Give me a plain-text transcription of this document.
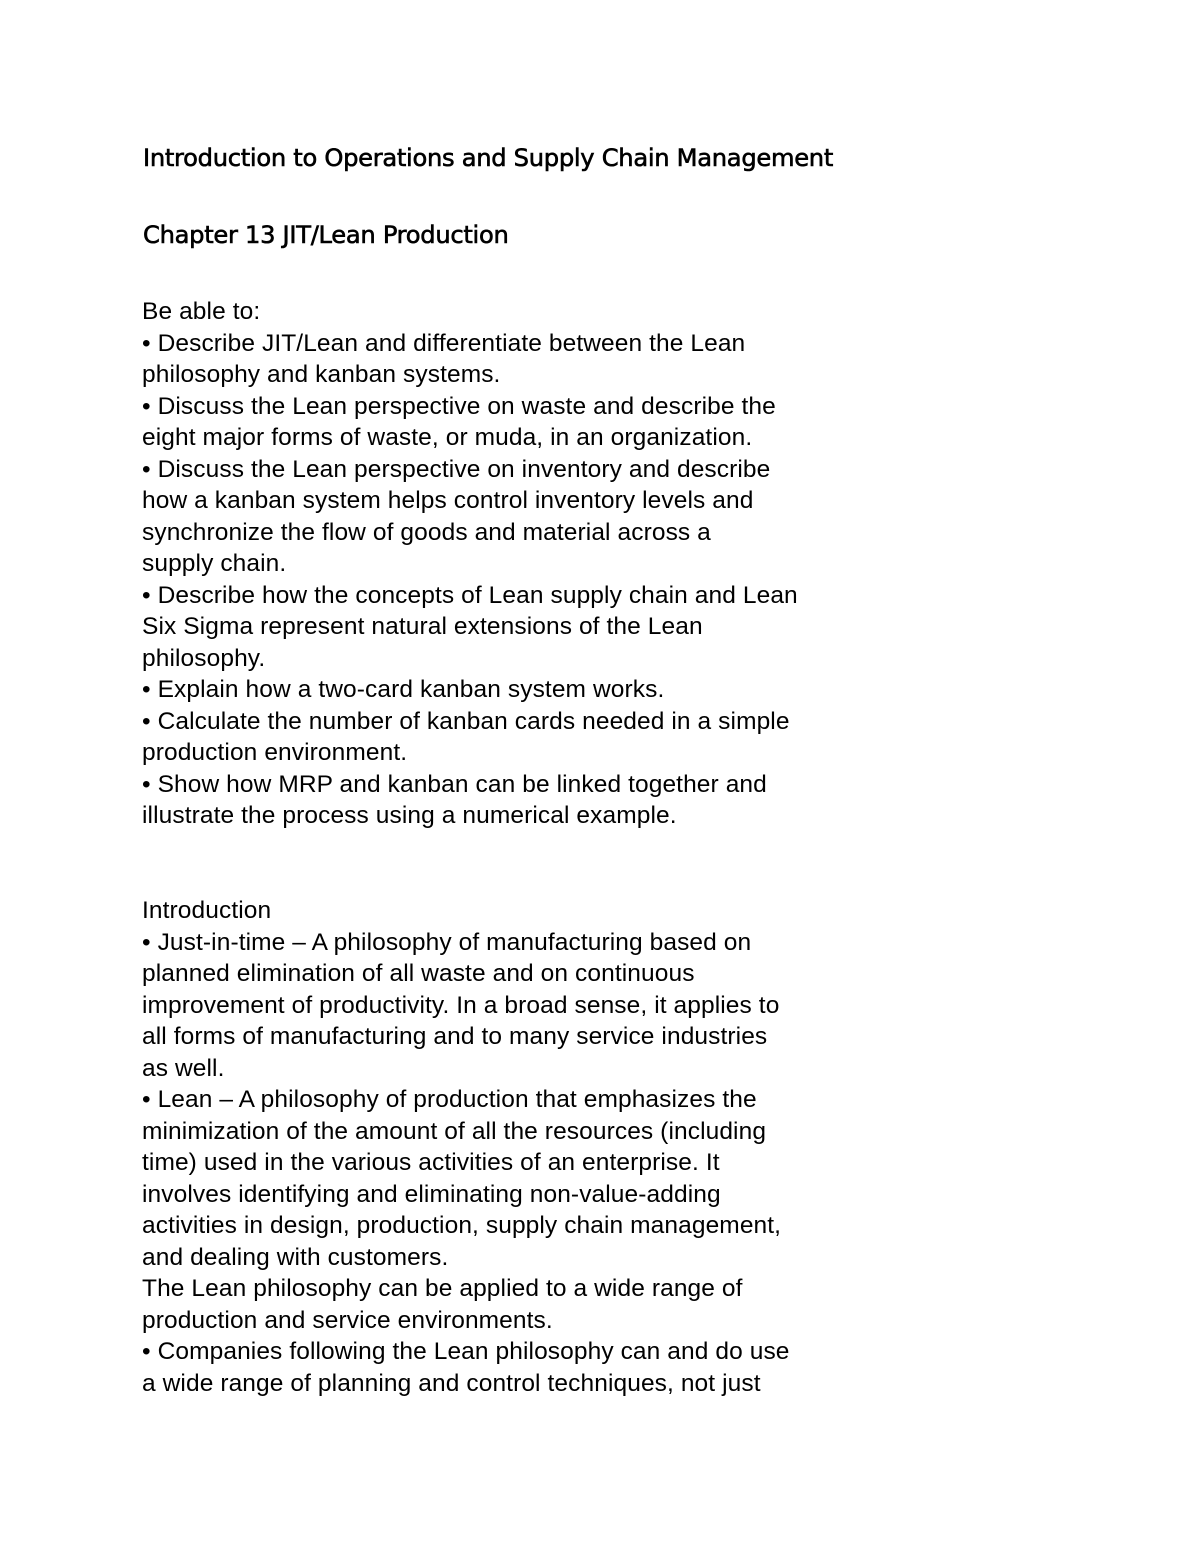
Introduction to Operations and Supply Chain Management
Chapter 13 JIT/Lean Production
Be able to:
• Describe JIT/Lean and differentiate between the Lean
philosophy and kanban systems.
• Discuss the Lean perspective on waste and describe the
eight major forms of waste, or muda, in an organization.
• Discuss the Lean perspective on inventory and describe
how a kanban system helps control inventory levels and
synchronize the flow of goods and material across a
supply chain.
• Describe how the concepts of Lean supply chain and Lean
Six Sigma represent natural extensions of the Lean
philosophy.
• Explain how a two-card kanban system works.
• Calculate the number of kanban cards needed in a simple
production environment.
• Show how MRP and kanban can be linked together and
illustrate the process using a numerical example.
Introduction
• Just-in-time – A philosophy of manufacturing based on
planned elimination of all waste and on continuous
improvement of productivity. In a broad sense, it applies to
all forms of manufacturing and to many service industries
as well.
• Lean – A philosophy of production that emphasizes the
minimization of the amount of all the resources (including
time) used in the various activities of an enterprise. It
involves identifying and eliminating non-value-adding
activities in design, production, supply chain management,
and dealing with customers.
The Lean philosophy can be applied to a wide range of
production and service environments.
• Companies following the Lean philosophy can and do use
a wide range of planning and control techniques, not just
